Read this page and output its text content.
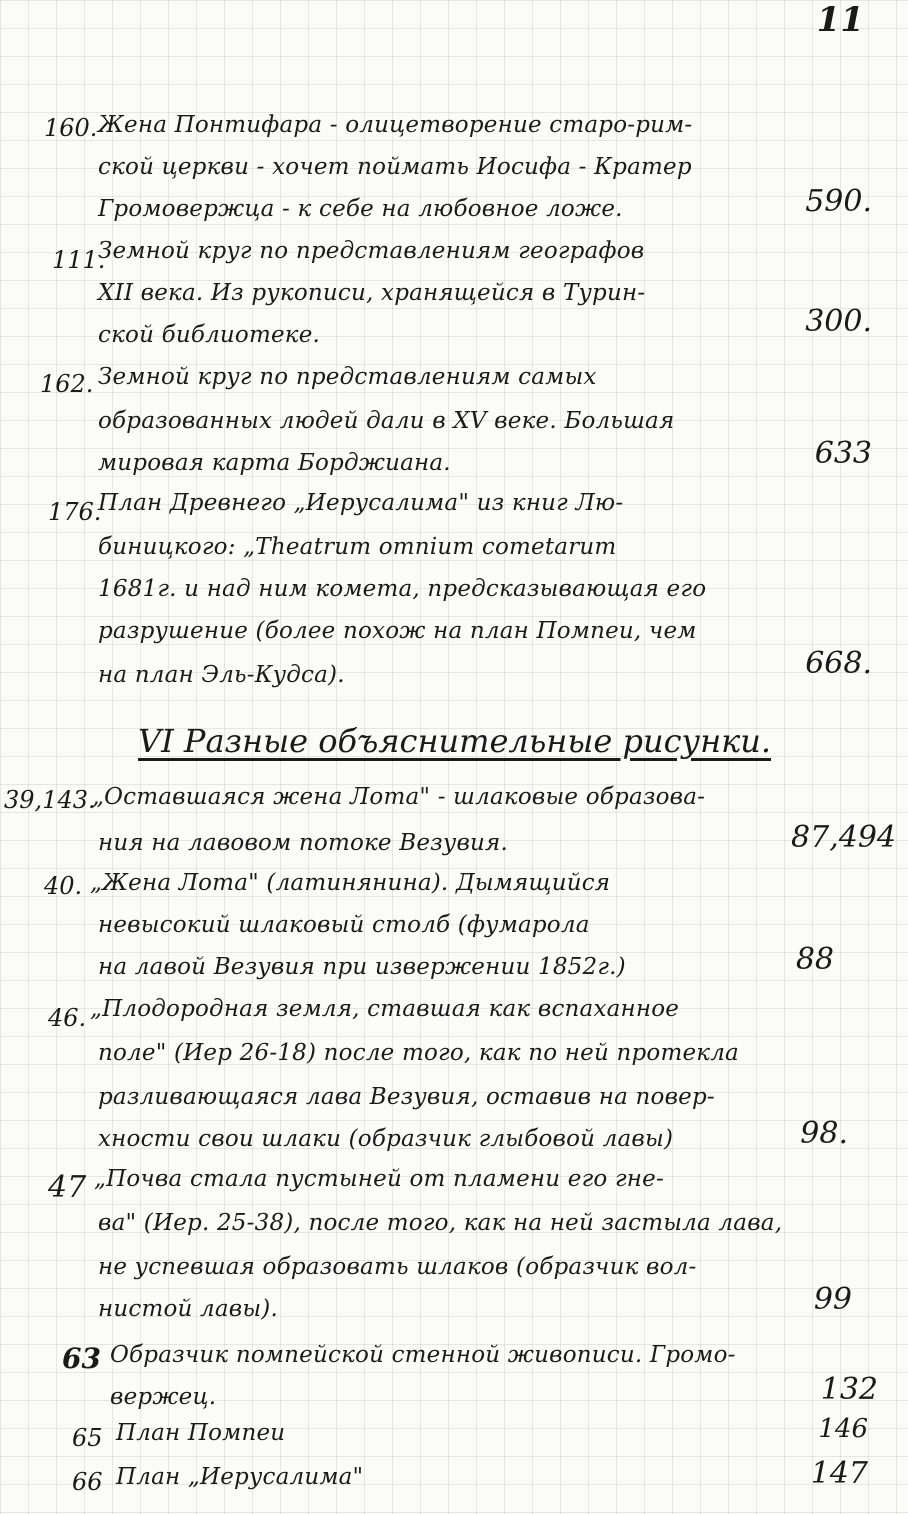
11
160. Жена Понтифара - олицетворение старо-рим-
ской церкви - хочет поймать Иосифа - Кратер
Громовержца - к себе на любовное ложе.	590.
111.
Земной круг по представлениям географов
XII века. Из рукописи, хранящейся в Турин-
ской библиотеке.	300.
162. Земной круг по представлениям самых
образованных людей дали в XV веке. Большая
мировая карта Борджиана.	633
176.
План Древнего „Иерусалима" из книг Лю-
биницкого: „Theatrum omnium cometarum
1681г. и над ним комета, предсказывающая его
разрушение (более похож на план Помпеи, чем
на план Эль-Кудса).	668.
VI Разные объяснительные рисунки.
39,143.
„Оставшаяся жена Лота" - шлаковые образова-
ния на лавовом потоке Везувия.	87,494
40. „Жена Лота" (латинянина). Дымящийся
невысокий шлаковый столб (фумарола
на лавой Везувия при извержении 1852г.)	88
46. „Плодородная земля, ставшая как вспаханное
поле" (Иер 26-18) после того, как по ней протекла
разливающаяся лава Везувия, оставив на повер-
хности свои шлаки (образчик глыбовой лавы)	98.
47 „Почва стала пустыней от пламени его гне-
ва" (Иер. 25-38), после того, как на ней застыла лава,
не успевшая образовать шлаков (образчик вол-
нистой лавы).	99
63 Образчик помпейской стенной живописи. Громо-
вержец.	132
65 План Помпеи	146
66 План „Иерусалима"	147
